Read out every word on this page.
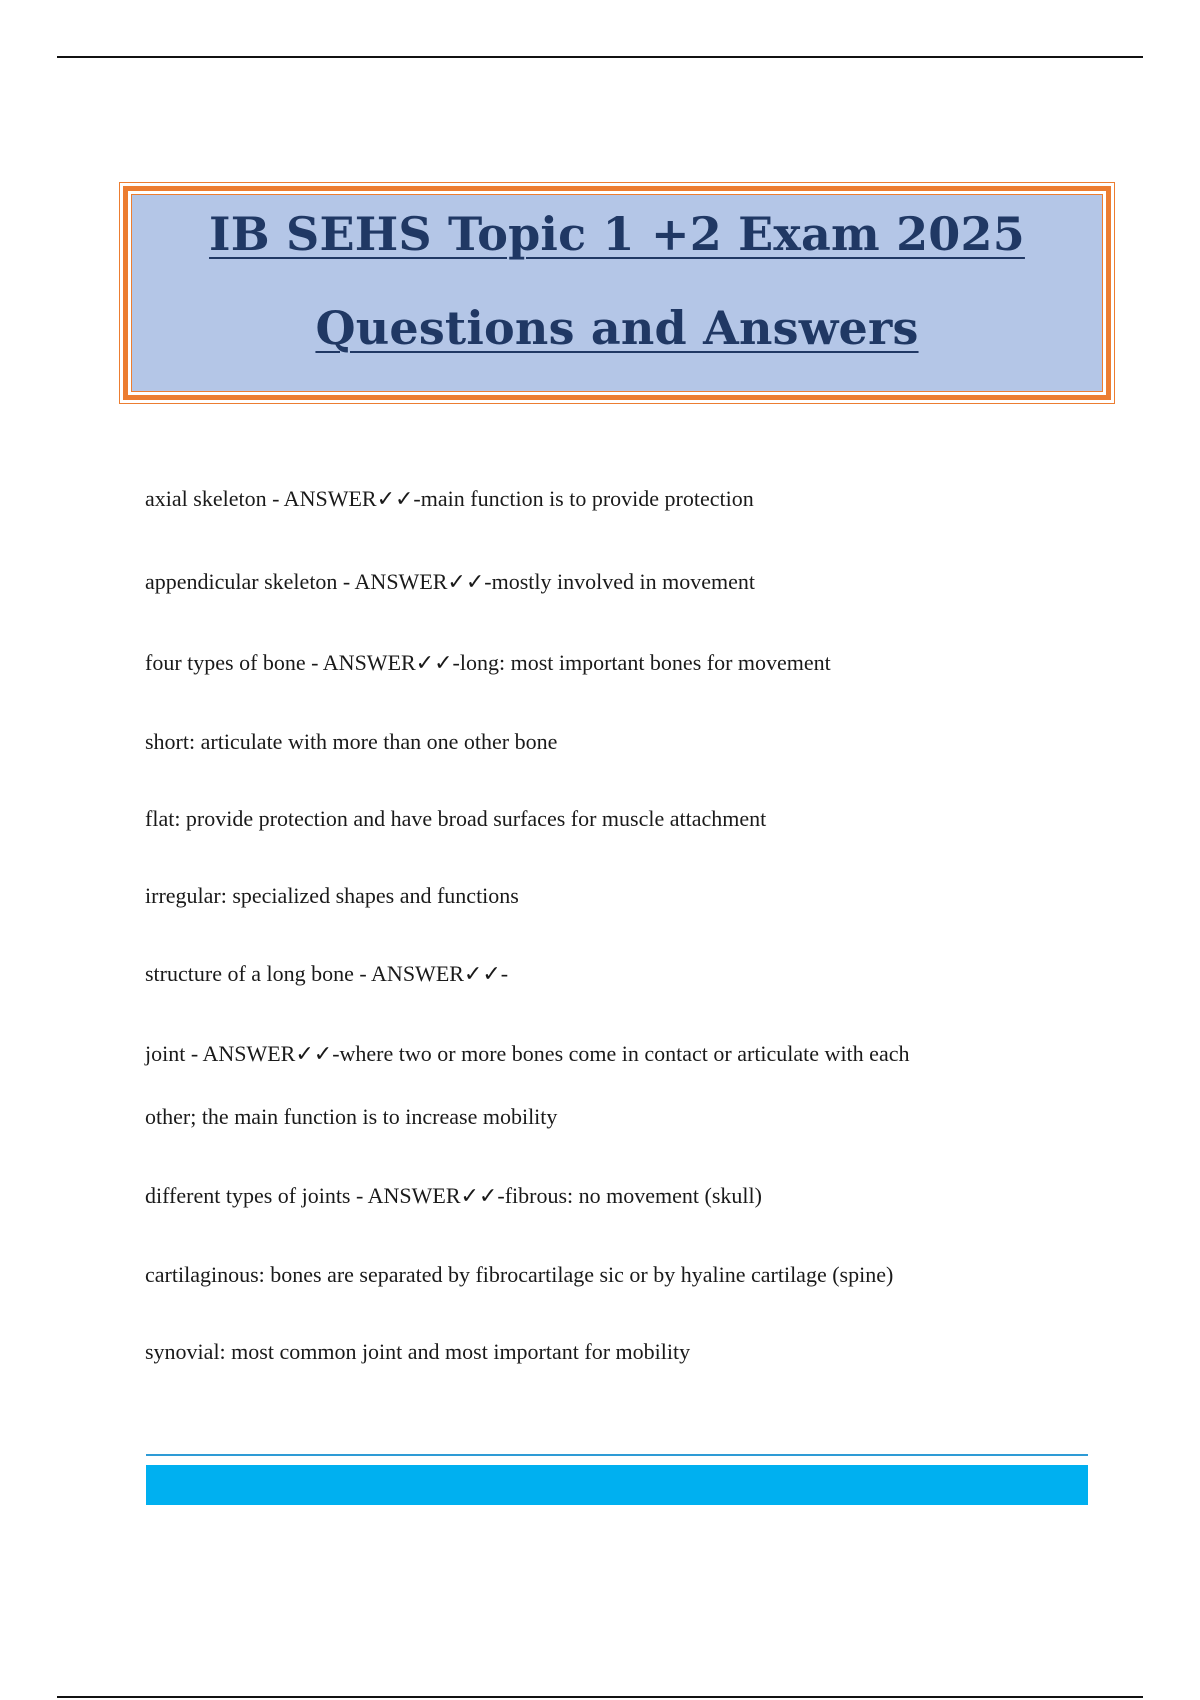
IB SEHS Topic 1 +2 Exam 2025
Questions and Answers
axial skeleton - ANSWER✓✓-main function is to provide protection
appendicular skeleton - ANSWER✓✓-mostly involved in movement
four types of bone - ANSWER✓✓-long: most important bones for movement
short: articulate with more than one other bone
flat: provide protection and have broad surfaces for muscle attachment
irregular: specialized shapes and functions
structure of a long bone - ANSWER✓✓-
joint - ANSWER✓✓-where two or more bones come in contact or articulate with each
other; the main function is to increase mobility
different types of joints - ANSWER✓✓-fibrous: no movement (skull)
cartilaginous: bones are separated by fibrocartilage sic or by hyaline cartilage (spine)
synovial: most common joint and most important for mobility
